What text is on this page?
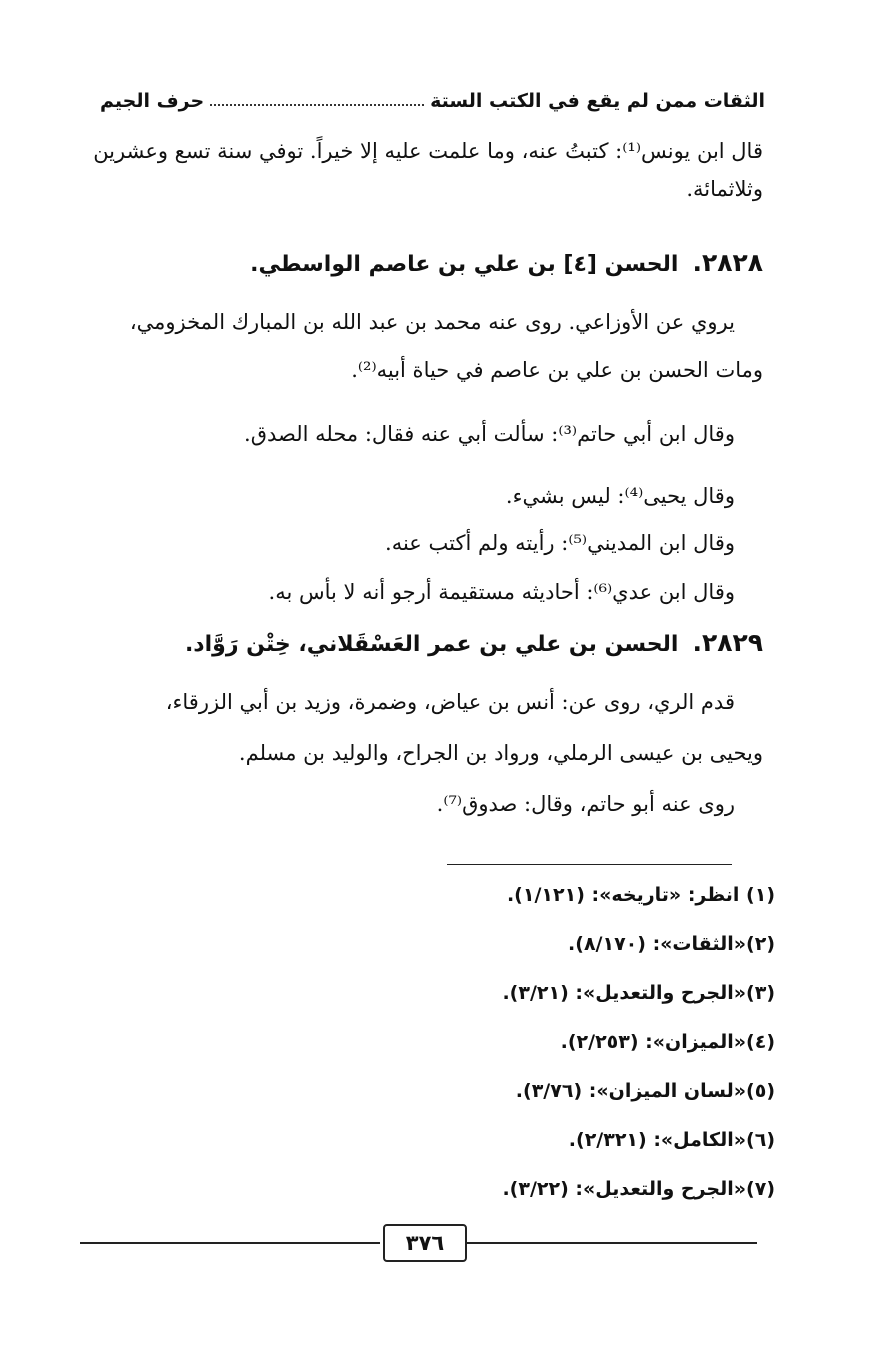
حرف الجيم	الثقات ممن لم يقع في الكتب الستة
قال ابن يونس⁽¹⁾: كتبتُ عنه، وما علمت عليه إلا خيراً. توفي سنة تسع وعشرين وثلاثمائة.
٢٨٢٨.الحسن [٤] بن علي بن عاصم الواسطي.
يروي عن الأوزاعي. روى عنه محمد بن عبد الله بن المبارك المخزومي،
ومات الحسن بن علي بن عاصم في حياة أبيه⁽²⁾.
وقال ابن أبي حاتم⁽³⁾: سألت أبي عنه فقال: محله الصدق.
وقال يحيى⁽⁴⁾: ليس بشيء.
وقال ابن المديني⁽⁵⁾: رأيته ولم أكتب عنه.
وقال ابن عدي⁽⁶⁾: أحاديثه مستقيمة أرجو أنه لا بأس به.
٢٨٢٩.الحسن بن علي بن عمر العَسْقَلاني، خِتْن رَوَّاد.
قدم الري، روى عن: أنس بن عياض، وضمرة، وزيد بن أبي الزرقاء،
ويحيى بن عيسى الرملي، ورواد بن الجراح، والوليد بن مسلم.
روى عنه أبو حاتم، وقال: صدوق⁽⁷⁾.
(١) انظر: «تاريخه»: (١/١٢١).
(٢)«الثقات»: (٨/١٧٠).
(٣)«الجرح والتعديل»: (٣/٢١).
(٤)«الميزان»: (٢/٢٥٣).
(٥)«لسان الميزان»: (٣/٧٦).
(٦)«الكامل»: (٢/٣٢١).
(٧)«الجرح والتعديل»: (٣/٢٢).
٣٧٦
